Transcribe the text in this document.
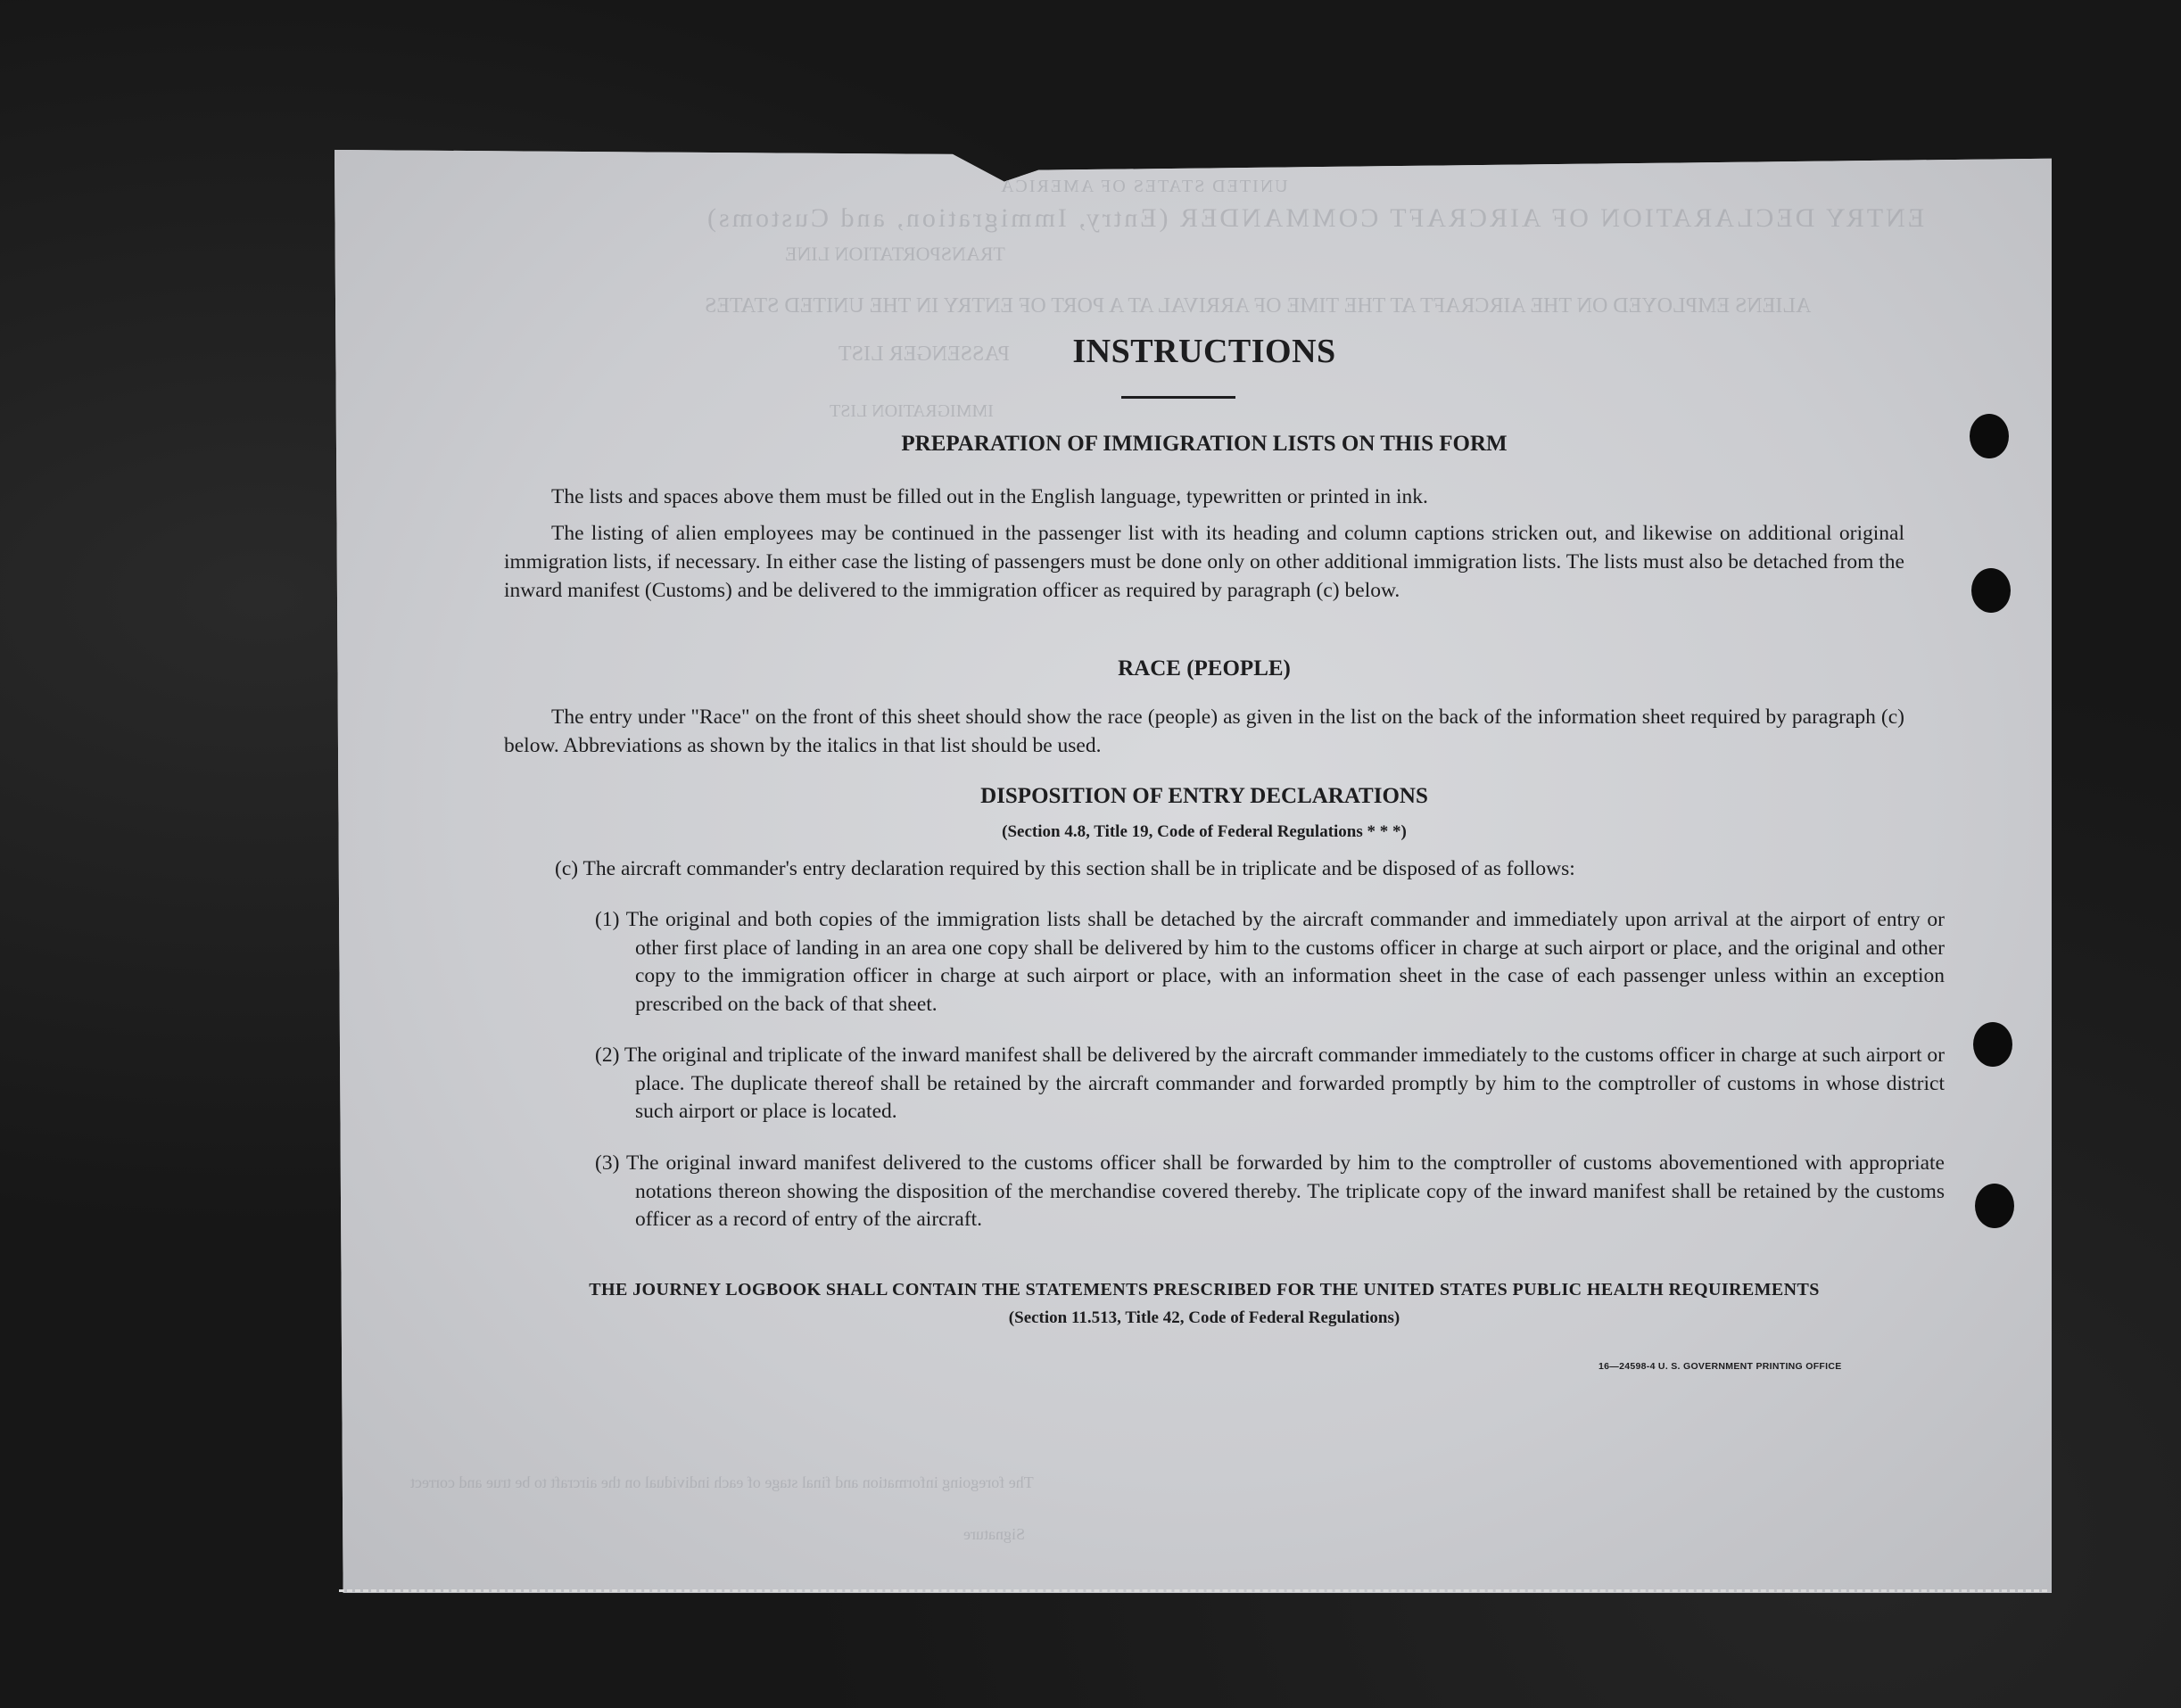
UNITED STATES OF AMERICA
ENTRY DECLARATION OF AIRCRAFT COMMANDER (Entry, Immigration, and Customs)
TRANSPORTATION LINE
ALIENS EMPLOYED ON THE AIRCRAFT AT THE TIME OF ARRIVAL AT A PORT OF ENTRY IN THE UNITED STATES
PASSENGER LIST
IMMIGRATION LIST
The foregoing information and final stage of each individual on the aircraft to be true and correct
Signature
INSTRUCTIONS
PREPARATION OF IMMIGRATION LISTS ON THIS FORM
The lists and spaces above them must be filled out in the English language, typewritten or printed in ink.
The listing of alien employees may be continued in the passenger list with its heading and column captions stricken out, and likewise on additional original immigration lists, if necessary. In either case the listing of passengers must be done only on other additional immigration lists. The lists must also be detached from the inward manifest (Customs) and be delivered to the immigration officer as required by paragraph (c) below.
RACE (PEOPLE)
The entry under "Race" on the front of this sheet should show the race (people) as given in the list on the back of the information sheet required by paragraph (c) below. Abbreviations as shown by the italics in that list should be used.
DISPOSITION OF ENTRY DECLARATIONS
(Section 4.8, Title 19, Code of Federal Regulations * * *)
(c) The aircraft commander's entry declaration required by this section shall be in triplicate and be disposed of as follows:
(1) The original and both copies of the immigration lists shall be detached by the aircraft commander and immediately upon arrival at the airport of entry or other first place of landing in an area one copy shall be delivered by him to the customs officer in charge at such airport or place, and the original and other copy to the immigration officer in charge at such airport or place, with an information sheet in the case of each passenger unless within an exception prescribed on the back of that sheet.
(2) The original and triplicate of the inward manifest shall be delivered by the aircraft commander immediately to the customs officer in charge at such airport or place. The duplicate thereof shall be retained by the aircraft commander and forwarded promptly by him to the comptroller of customs in whose district such airport or place is located.
(3) The original inward manifest delivered to the customs officer shall be forwarded by him to the comptroller of customs abovementioned with appropriate notations thereon showing the disposition of the merchandise covered thereby. The triplicate copy of the inward manifest shall be retained by the customs officer as a record of entry of the aircraft.
THE JOURNEY LOGBOOK SHALL CONTAIN THE STATEMENTS PRESCRIBED FOR THE UNITED STATES PUBLIC HEALTH REQUIREMENTS
(Section 11.513, Title 42, Code of Federal Regulations)
16—24598-4 U. S. GOVERNMENT PRINTING OFFICE
